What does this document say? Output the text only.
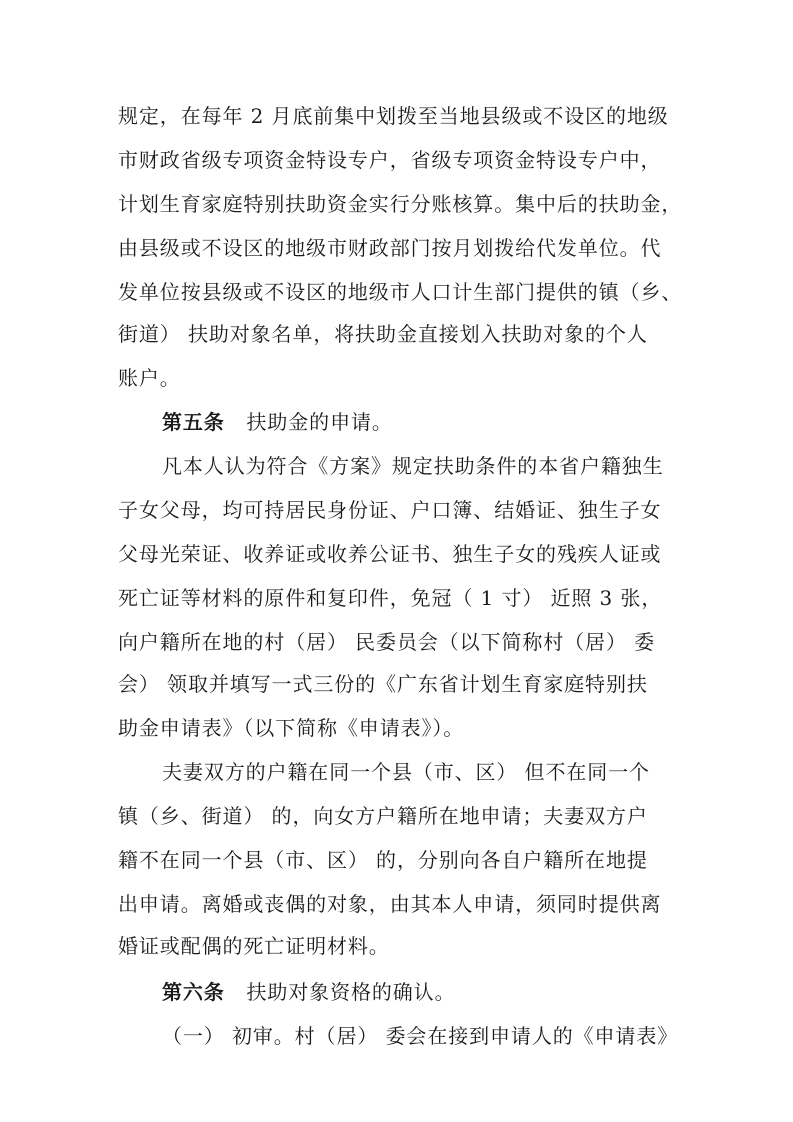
规定，在每年 2 月底前集中划拨至当地县级或不设区的地级
市财政省级专项资金特设专户，省级专项资金特设专户中，
计划生育家庭特别扶助资金实行分账核算。集中后的扶助金，
由县级或不设区的地级市财政部门按月划拨给代发单位。代
发单位按县级或不设区的地级市人口计生部门提供的镇（乡、
街道） 扶助对象名单，将扶助金直接划入扶助对象的个人
账户。
第五条 扶助金的申请。
凡本人认为符合《方案》规定扶助条件的本省户籍独生
子女父母，均可持居民身份证、户口簿、结婚证、独生子女
父母光荣证、收养证或收养公证书、独生子女的残疾人证或
死亡证等材料的原件和复印件，免冠（ 1 寸） 近照 3 张，
向户籍所在地的村（居） 民委员会（以下简称村（居） 委
会） 领取并填写一式三份的《广东省计划生育家庭特别扶
助金申请表》（以下简称《申请表》）。
夫妻双方的户籍在同一个县（市、区） 但不在同一个
镇（乡、街道） 的，向女方户籍所在地申请；夫妻双方户
籍不在同一个县（市、区） 的，分别向各自户籍所在地提
出申请。离婚或丧偶的对象，由其本人申请，须同时提供离
婚证或配偶的死亡证明材料。
第六条 扶助对象资格的确认。
（一） 初审。村（居） 委会在接到申请人的《申请表》
